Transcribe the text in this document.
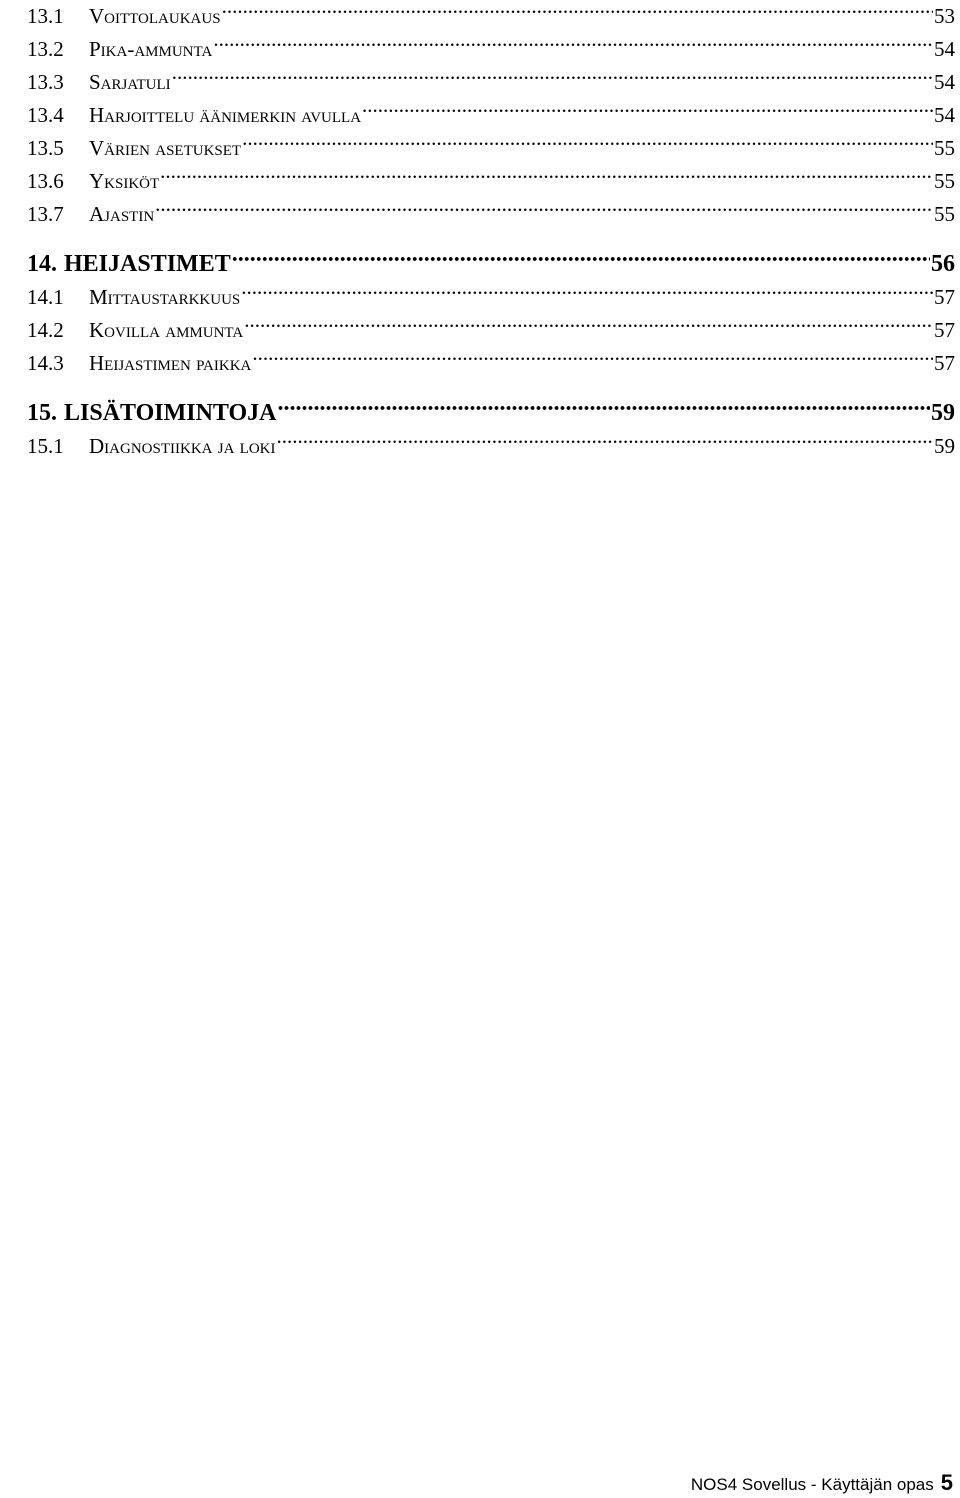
13.1	Voittolaukaus .....	53
13.2	Pika-ammunta .....	54
13.3	Sarjatuli .....	54
13.4	Harjoittelu äänimerkin avulla .....	54
13.5	Värien asetukset .....	55
13.6	Yksiköt .....	55
13.7	Ajastin .....	55
14. HEIJASTIMET .....	56
14.1	Mittaustarkkuus .....	57
14.2	Kovilla ammunta .....	57
14.3	Heijastimen paikka .....	57
15. LISÄTOIMINTOJA .....	59
15.1	Diagnostiikka ja loki .....	59
NOS4 Sovellus - Käyttäjän opas 5
